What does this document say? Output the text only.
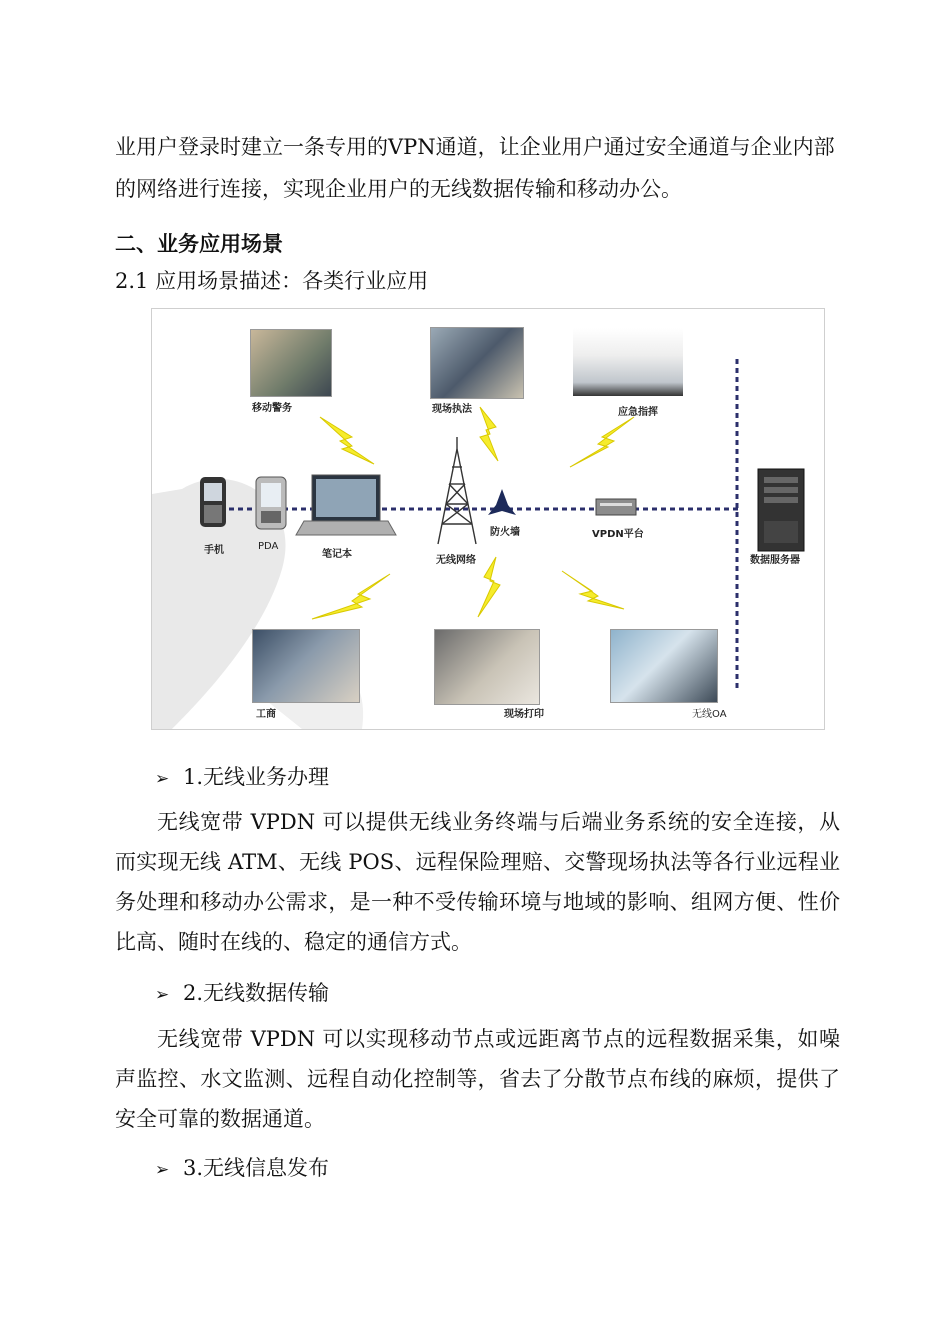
业用户登录时建立一条专用的VPN通道，让企业用户通过安全通道与企业内部的网络进行连接，实现企业用户的无线数据传输和移动办公。
二、业务应用场景
2.1 应用场景描述：各类行业应用
移动警务	现场执法	应急指挥
手机	PDA
笔记本
无线网络
防火墙	VPDN平台
数据服务器
工商	现场打印	无线OA
➢ 1.无线业务办理
无线宽带 VPDN 可以提供无线业务终端与后端业务系统的安全连接，从而实现无线 ATM、无线 POS、远程保险理赔、交警现场执法等各行业远程业务处理和移动办公需求，是一种不受传输环境与地域的影响、组网方便、性价比高、随时在线的、稳定的通信方式。
➢ 2.无线数据传输
无线宽带 VPDN 可以实现移动节点或远距离节点的远程数据采集，如噪声监控、水文监测、远程自动化控制等，省去了分散节点布线的麻烦，提供了安全可靠的数据通道。
➢ 3.无线信息发布
